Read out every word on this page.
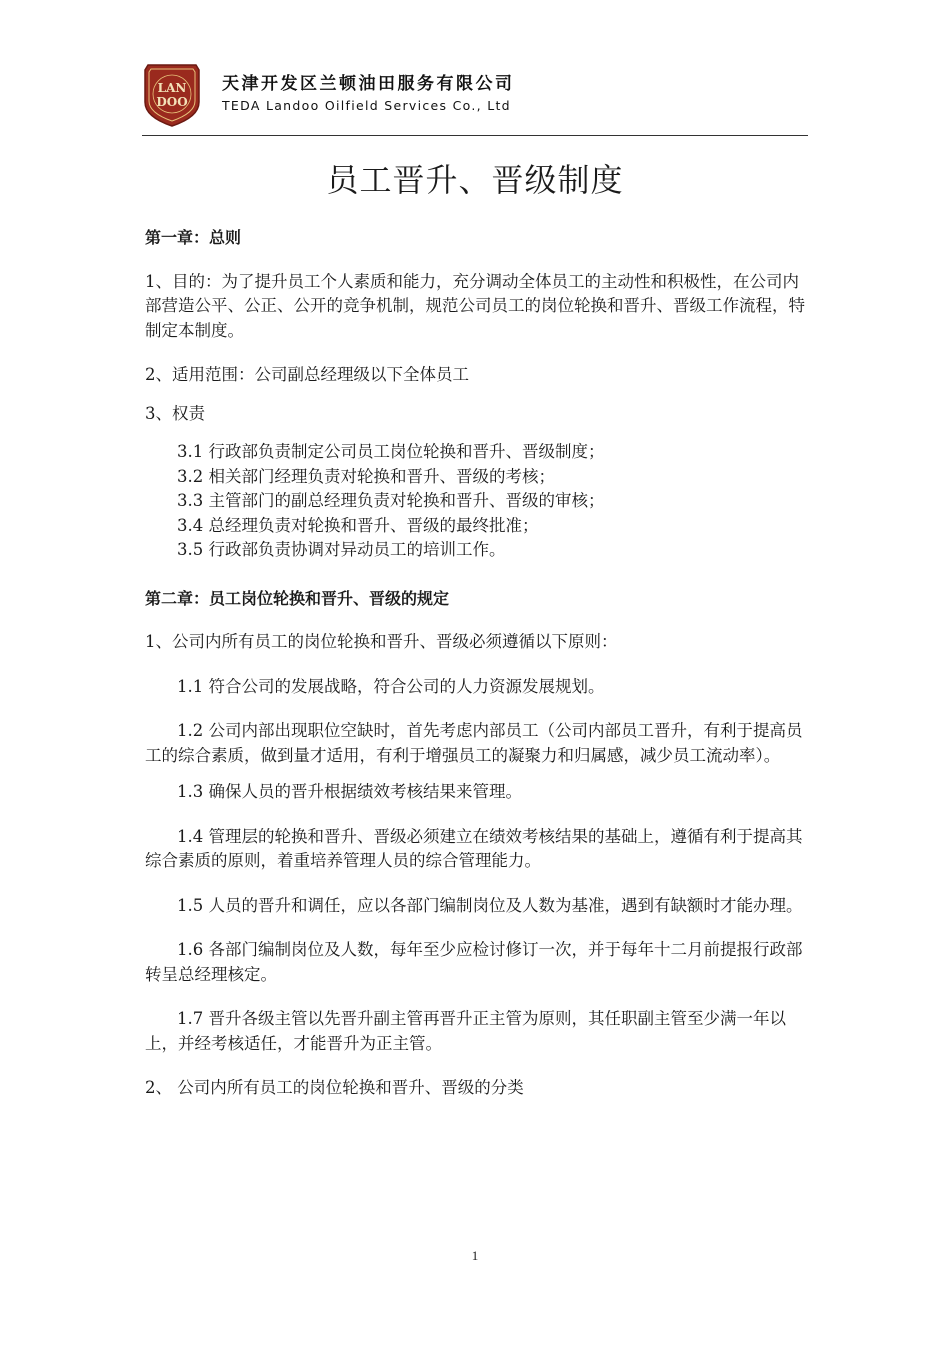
LAN
DOO
天津开发区兰顿油田服务有限公司
TEDA Landoo Oilfield Services Co., Ltd
员工晋升、晋级制度

第一章：总则

1、目的：为了提升员工个人素质和能力，充分调动全体员工的主动性和积极性，在公司内部营造公平、公正、公开的竞争机制，规范公司员工的岗位轮换和晋升、晋级工作流程，特制定本制度。

2、适用范围：公司副总经理级以下全体员工

3、权责

3.1 行政部负责制定公司员工岗位轮换和晋升、晋级制度；

3.2 相关部门经理负责对轮换和晋升、晋级的考核；

3.3 主管部门的副总经理负责对轮换和晋升、晋级的审核；

3.4 总经理负责对轮换和晋升、晋级的最终批准；

3.5 行政部负责协调对异动员工的培训工作。

第二章：员工岗位轮换和晋升、晋级的规定

1、公司内所有员工的岗位轮换和晋升、晋级必须遵循以下原则：

1.1 符合公司的发展战略，符合公司的人力资源发展规划。

1.2 公司内部出现职位空缺时，首先考虑内部员工（公司内部员工晋升，有利于提高员工的综合素质，做到量才适用，有利于增强员工的凝聚力和归属感，减少员工流动率）。

1.3 确保人员的晋升根据绩效考核结果来管理。

1.4 管理层的轮换和晋升、晋级必须建立在绩效考核结果的基础上，遵循有利于提高其综合素质的原则，着重培养管理人员的综合管理能力。

1.5 人员的晋升和调任，应以各部门编制岗位及人数为基准，遇到有缺额时才能办理。

1.6 各部门编制岗位及人数，每年至少应检讨修订一次，并于每年十二月前提报行政部转呈总经理核定。

1.7 晋升各级主管以先晋升副主管再晋升正主管为原则，其任职副主管至少满一年以上，并经考核适任，才能晋升为正主管。

2、 公司内所有员工的岗位轮换和晋升、晋级的分类

1
